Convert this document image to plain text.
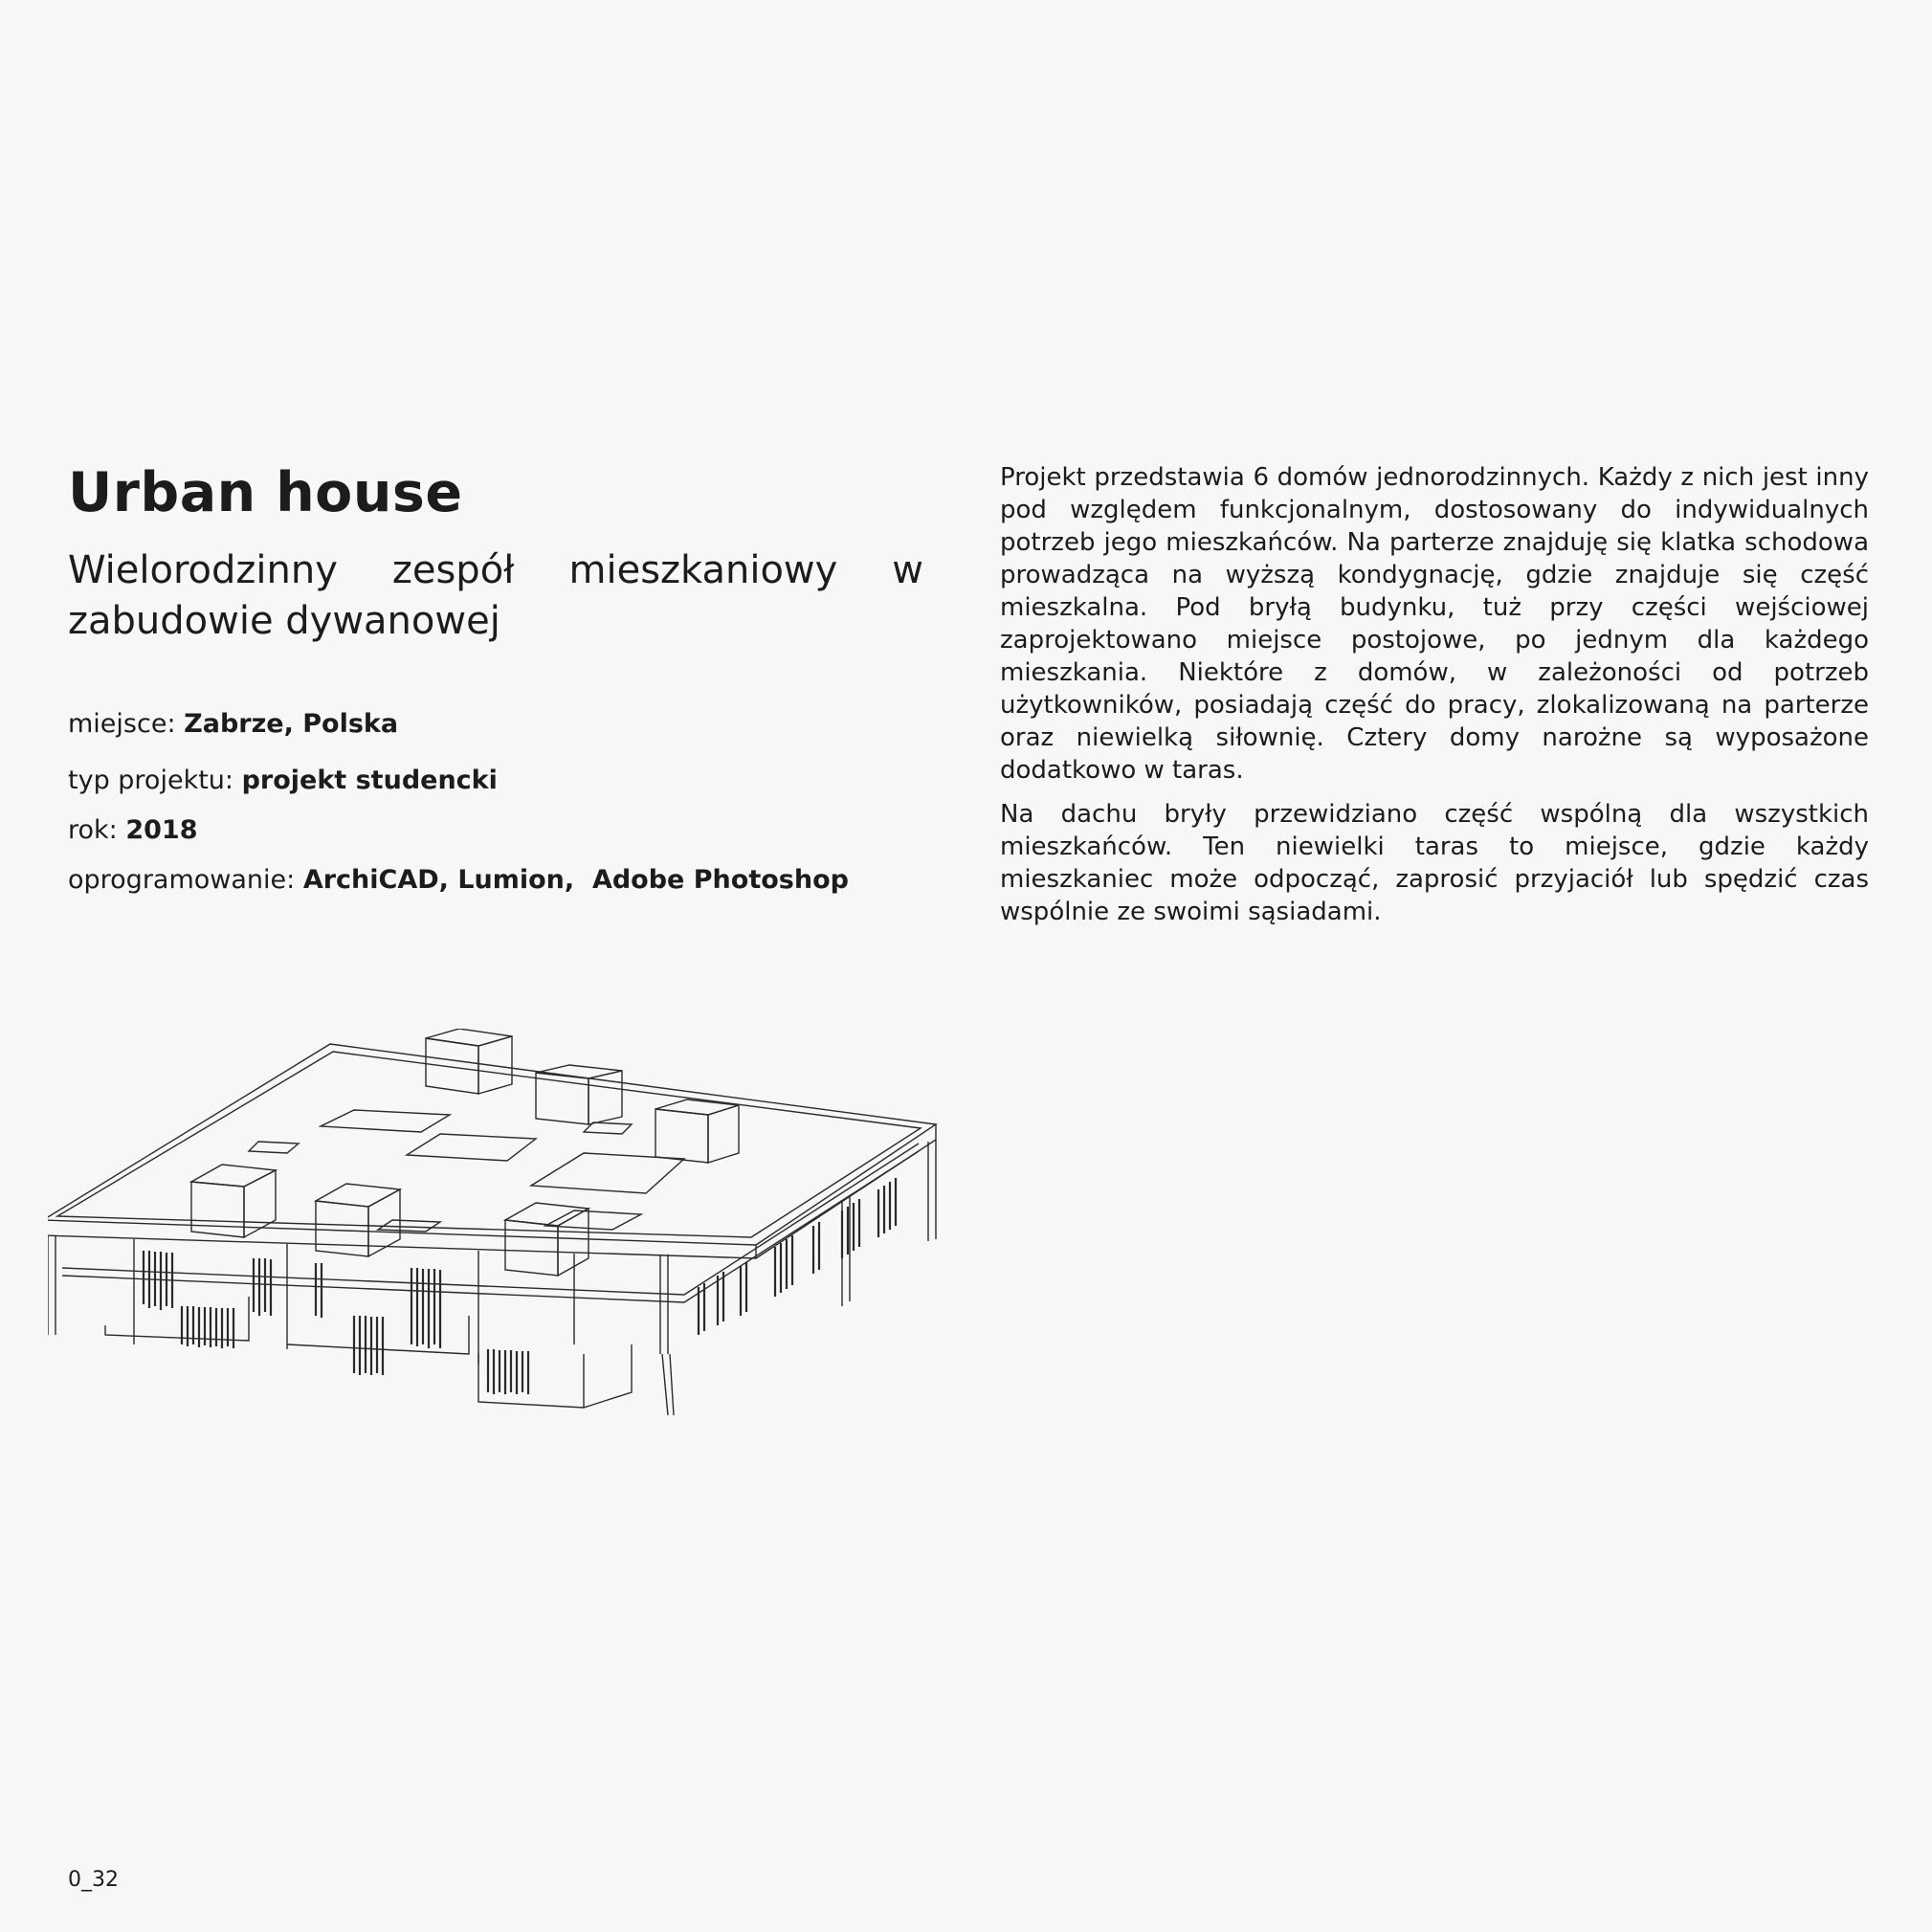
Urban house
Wielorodzinny zespół mieszkaniowy w zabudowie dywanowej
miejsce: Zabrze, Polska
typ projektu: projekt studencki
rok: 2018
oprogramowanie: ArchiCAD, Lumion,  Adobe Photoshop

Projekt przedstawia 6 domów jednorodzinnych. Każdy z nich jest inny pod względem funkcjonalnym, dostosowany do indywidualnych potrzeb jego mieszkańców. Na parterze znajduję się klatka schodowa prowadząca na wyższą kondygnację, gdzie znajduje się część mieszkalna. Pod bryłą budynku, tuż przy części wejściowej zaprojektowano miejsce postojowe, po jednym dla każdego mieszkania. Niektóre z domów, w zależoności od potrzeb użytkowników, posiadają część do pracy, zlokalizowaną na parterze oraz niewielką siłownię. Cztery domy narożne są wyposażone dodatkowo w taras.

Na dachu bryły przewidziano część wspólną dla wszystkich mieszkańców. Ten niewielki taras to miejsce, gdzie każdy mieszkaniec może odpocząć, zaprosić przyjaciół lub spędzić czas wspólnie ze swoimi sąsiadami.

0_32
